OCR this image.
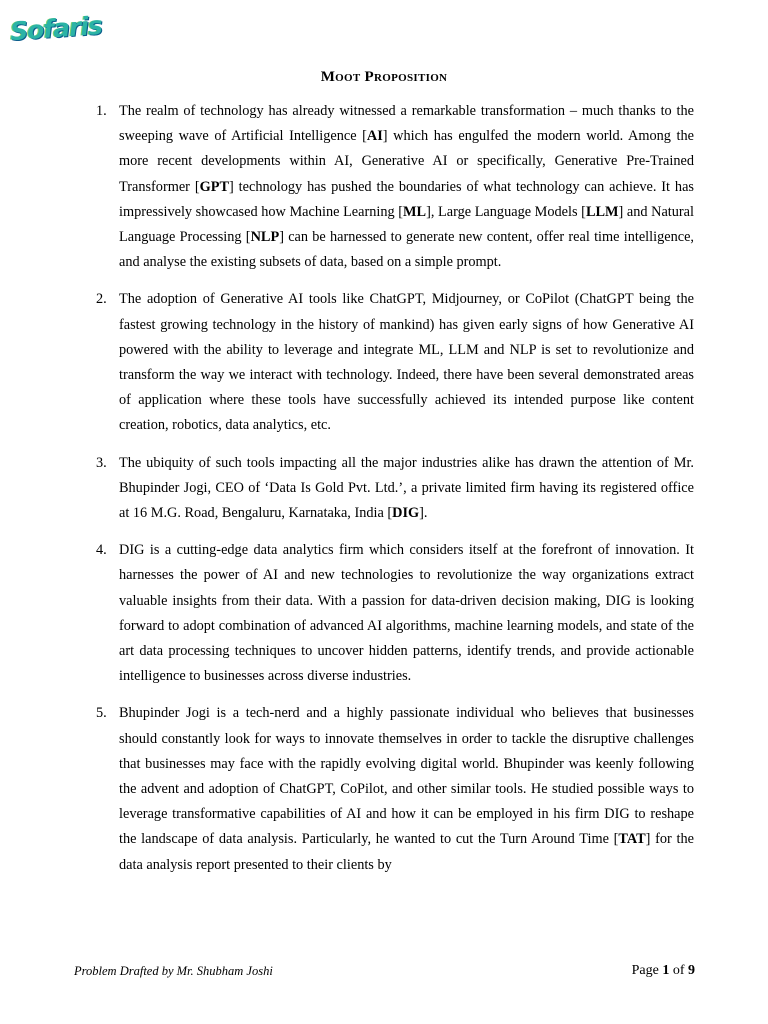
Sofaris
Moot Proposition
1. The realm of technology has already witnessed a remarkable transformation – much thanks to the sweeping wave of Artificial Intelligence [AI] which has engulfed the modern world. Among the more recent developments within AI, Generative AI or specifically, Generative Pre-Trained Transformer [GPT] technology has pushed the boundaries of what technology can achieve. It has impressively showcased how Machine Learning [ML], Large Language Models [LLM] and Natural Language Processing [NLP] can be harnessed to generate new content, offer real time intelligence, and analyse the existing subsets of data, based on a simple prompt.
2. The adoption of Generative AI tools like ChatGPT, Midjourney, or CoPilot (ChatGPT being the fastest growing technology in the history of mankind) has given early signs of how Generative AI powered with the ability to leverage and integrate ML, LLM and NLP is set to revolutionize and transform the way we interact with technology. Indeed, there have been several demonstrated areas of application where these tools have successfully achieved its intended purpose like content creation, robotics, data analytics, etc.
3. The ubiquity of such tools impacting all the major industries alike has drawn the attention of Mr. Bhupinder Jogi, CEO of ‘Data Is Gold Pvt. Ltd.’, a private limited firm having its registered office at 16 M.G. Road, Bengaluru, Karnataka, India [DIG].
4. DIG is a cutting-edge data analytics firm which considers itself at the forefront of innovation. It harnesses the power of AI and new technologies to revolutionize the way organizations extract valuable insights from their data. With a passion for data-driven decision making, DIG is looking forward to adopt combination of advanced AI algorithms, machine learning models, and state of the art data processing techniques to uncover hidden patterns, identify trends, and provide actionable intelligence to businesses across diverse industries.
5. Bhupinder Jogi is a tech-nerd and a highly passionate individual who believes that businesses should constantly look for ways to innovate themselves in order to tackle the disruptive challenges that businesses may face with the rapidly evolving digital world. Bhupinder was keenly following the advent and adoption of ChatGPT, CoPilot, and other similar tools. He studied possible ways to leverage transformative capabilities of AI and how it can be employed in his firm DIG to reshape the landscape of data analysis. Particularly, he wanted to cut the Turn Around Time [TAT] for the data analysis report presented to their clients by
Problem Drafted by Mr. Shubham Joshi	Page 1 of 9
